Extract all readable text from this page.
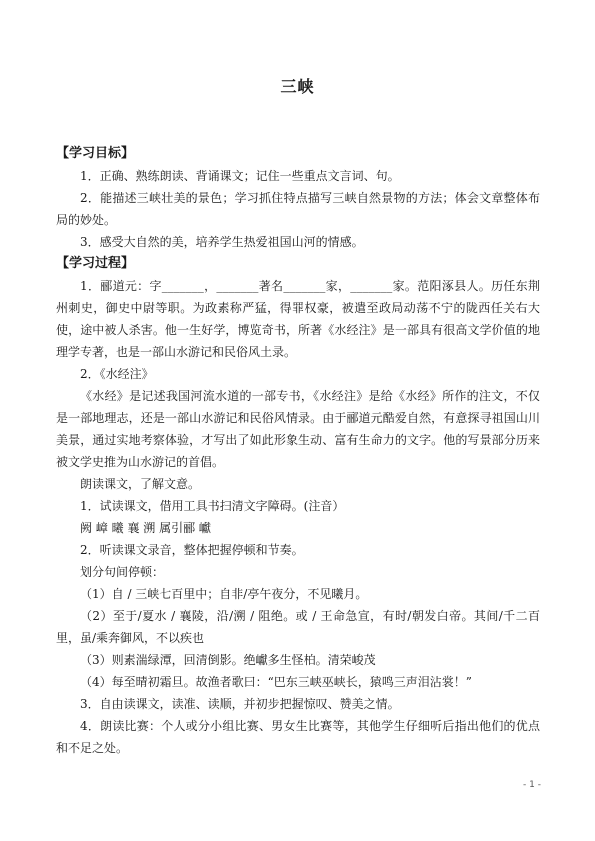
三峡
【学习目标】

1．正确、熟练朗读、背诵课文；记住一些重点文言词、句。

2．能描述三峡壮美的景色；学习抓住特点描写三峡自然景物的方法；体会文章整体布局的妙处。

3．感受大自然的美，培养学生热爱祖国山河的情感。

【学习过程】

1．郦道元：字_______，_______著名_______家，_______家。范阳涿县人。历任东荆州刺史，御史中尉等职。为政素称严猛，得罪权豪，被遣至政局动荡不宁的陇西任关右大使，途中被人杀害。他一生好学，博览奇书，所著《水经注》是一部具有很高文学价值的地理学专著，也是一部山水游记和民俗风土录。

2．《水经注》

《水经》是记述我国河流水道的一部专书，《水经注》是给《水经》所作的注文，不仅是一部地理志，还是一部山水游记和民俗风情录。由于郦道元酷爱自然，有意探寻祖国山川美景，通过实地考察体验，才写出了如此形象生动、富有生命力的文字。他的写景部分历来被文学史推为山水游记的首倡。

朗读课文，了解文意。

1．试读课文，借用工具书扫清文字障碍。(注音）

阙 嶂 曦 襄 溯 属引郦 巘

2．听读课文录音，整体把握停顿和节奏。

划分句间停顿：

（1）自 / 三峡七百里中；自非/亭午夜分，不见曦月。

（2）至于/夏水 / 襄陵，沿/溯 / 阻绝。或 / 王命急宣，有时/朝发白帝。其间/千二百里，虽/乘奔御风，不以疾也

（3）则素湍绿潭，回清倒影。绝巘多生怪柏。清荣峻茂

（4）每至晴初霜旦。故渔者歌曰：“巴东三峡巫峡长，猿鸣三声泪沾裳！”

3．自由读课文，读准、读顺，并初步把握惊叹、赞美之情。

4．朗读比赛：个人或分小组比赛、男女生比赛等，其他学生仔细听后指出他们的优点和不足之处。

- 1 -
